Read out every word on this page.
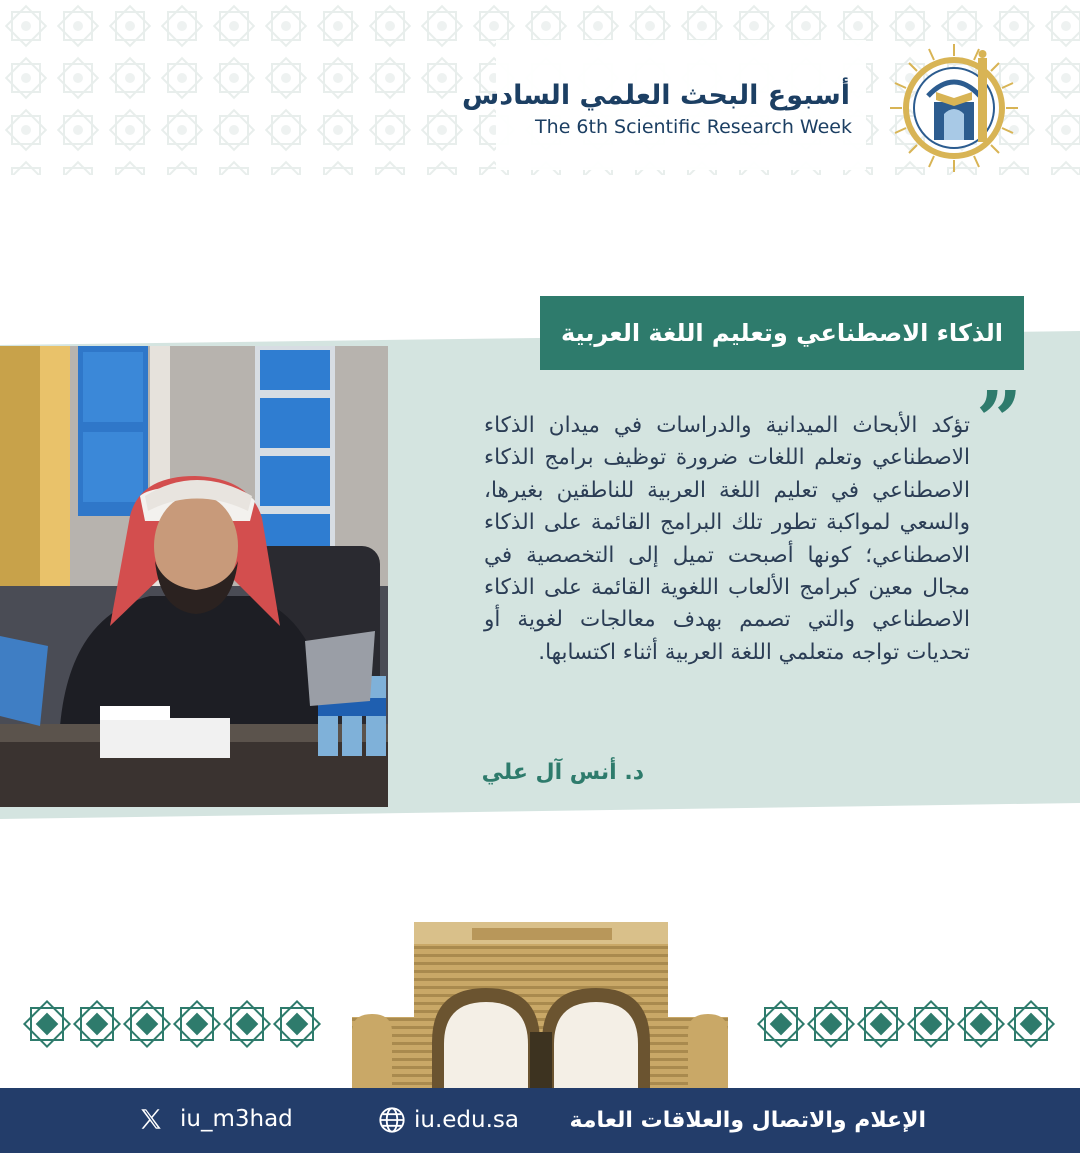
أسبوع البحث العلمي السادس
The 6th Scientific Research Week
الذكاء الاصطناعي وتعليم اللغة العربية
”
تؤكد الأبحاث الميدانية والدراسات في ميدان الذكاء الاصطناعي وتعلم اللغات ضرورة توظيف برامج الذكاء الاصطناعي في تعليم اللغة العربية للناطقين بغيرها، والسعي لمواكبة تطور تلك البرامج القائمة على الذكاء الاصطناعي؛ كونها أصبحت تميل إلى التخصصية في مجال معين كبرامج الألعاب اللغوية القائمة على الذكاء الاصطناعي والتي تصمم بهدف معالجات لغوية أو تحديات تواجه متعلمي اللغة العربية أثناء اكتسابها.
د. أنس آل علي
iu_m3had	iu.edu.sa الإعلام والاتصال والعلاقات العامة
